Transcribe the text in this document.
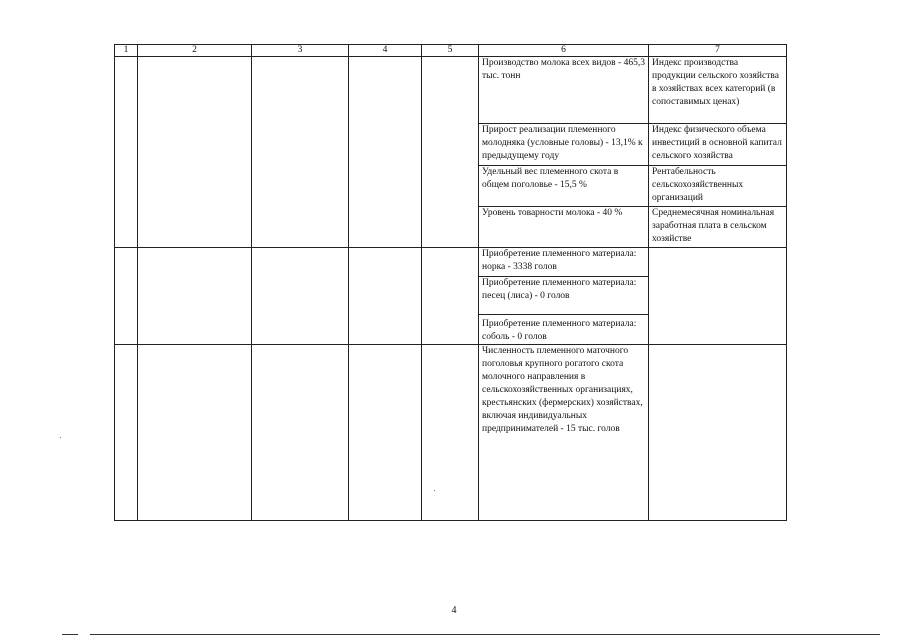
1	2	3	4	5	6	7

					Производство молока всех видов - 465,3 тыс. тонн	Индекс производства продукции сельского хозяйства в хозяйствах всех категорий (в сопоставимых ценах)

					Прирост реализации племенного молодняка (условные головы) - 13,1% к предыдущему году	Индекс физического объема инвестиций в основной капитал сельского хозяйства

					Удельный вес племенного скота в общем поголовье - 15,5 %	Рентабельность сельскохозяйственных организаций

					Уровень товарности молока - 40 %	Среднемесячная номинальная заработная плата в сельском хозяйстве

					Приобретение племенного материала: норка - 3338 голов	

					Приобретение племенного материала: песец (лиса) - 0 голов	

					Приобретение племенного материала: соболь - 0 голов	

					Численность племенного маточного поголовья крупного рогатого скота молочного направления в сельскохозяйственных организациях, крестьянских (фермерских) хозяйствах, включая индивидуальных предпринимателей - 15 тыс. голов	

4
